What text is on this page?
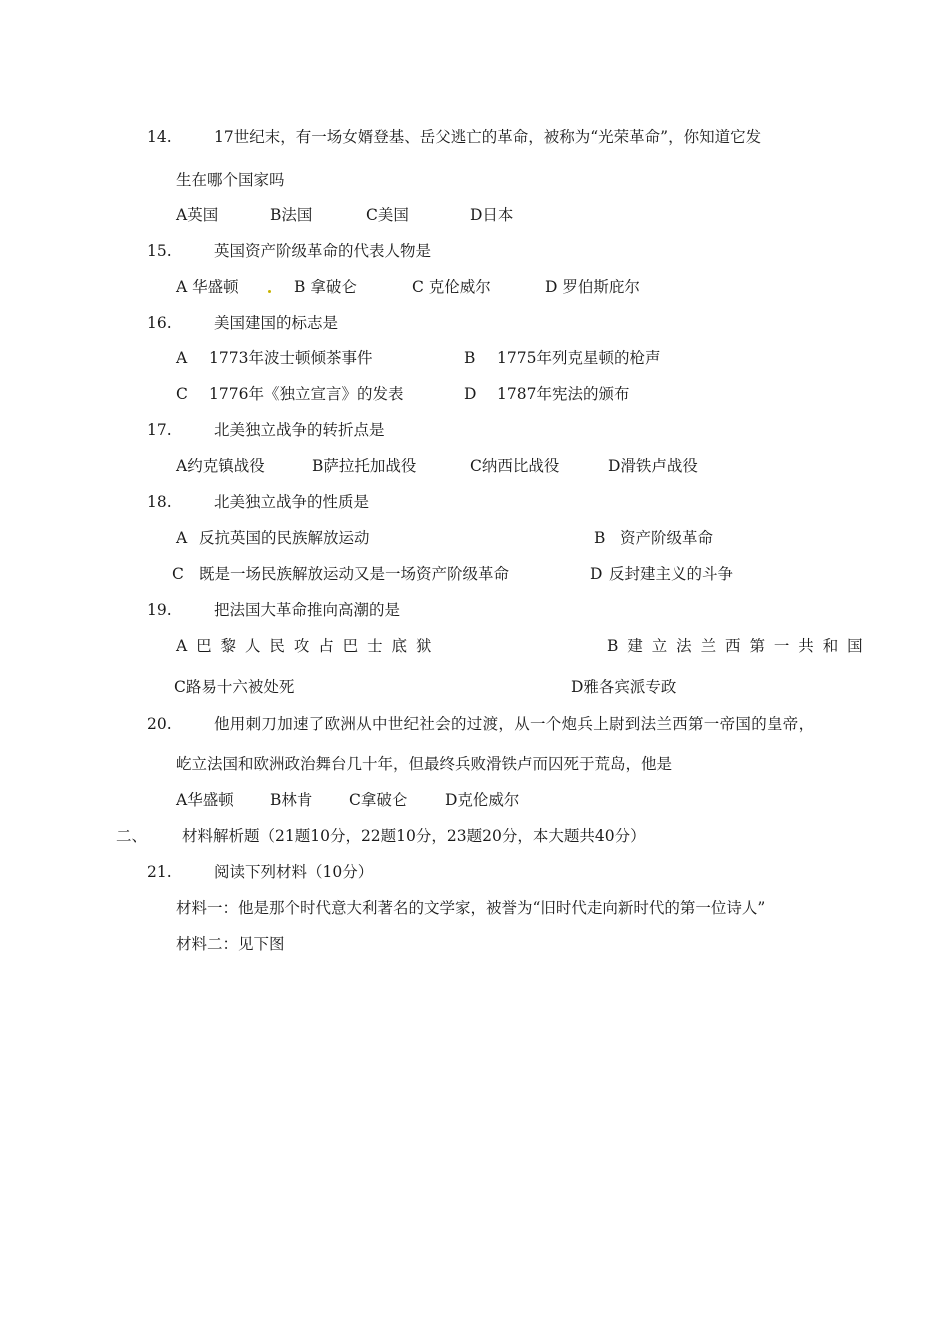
14.	17世纪末，有一场女婿登基、岳父逃亡的革命，被称为“光荣革命”，你知道它发
生在哪个国家吗
A英国	B法国	C美国	D日本
15.	英国资产阶级革命的代表人物是
A 华盛顿	B 拿破仑	C 克伦威尔	D 罗伯斯庇尔
16.	美国建国的标志是
A 1773年波士顿倾茶事件	B 1775年列克星顿的枪声
C 1776年《独立宣言》的发表	D 1787年宪法的颁布
17.	北美独立战争的转折点是
A约克镇战役	B萨拉托加战役	C纳西比战役	D滑铁卢战役
18.	北美独立战争的性质是
A 反抗英国的民族解放运动	B 资产阶级革命
C 既是一场民族解放运动又是一场资产阶级革命	D 反封建主义的斗争
19.	把法国大革命推向高潮的是
A 巴 黎 人 民 攻 占 巴 士 底 狱	B 建 立 法 兰 西 第 一 共 和 国
C路易十六被处死	D雅各宾派专政
20.	他用刺刀加速了欧洲从中世纪社会的过渡，从一个炮兵上尉到法兰西第一帝国的皇帝，
屹立法国和欧洲政治舞台几十年，但最终兵败滑铁卢而囚死于荒岛，他是
A华盛顿 B林肯 C拿破仑 D克伦威尔
二、 材料解析题（21题10分，22题10分，23题20分，本大题共40分）
21.	阅读下列材料（10分）
材料一：他是那个时代意大利著名的文学家，被誉为“旧时代走向新时代的第一位诗人”
材料二：见下图
